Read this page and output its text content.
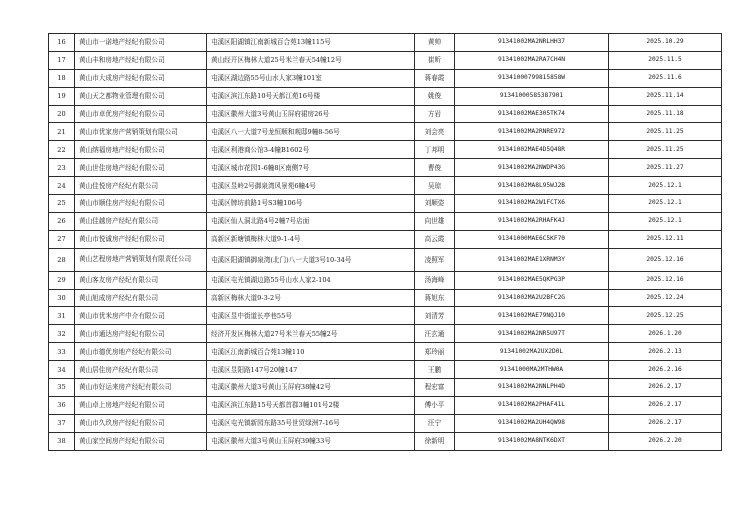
16	黄山市一诺地产经纪有限公司	屯溪区阳湖镇江南新城百合苑13幢115号	黄帅	91341002MA2NRLHH37	2025.10.29
17	黄山丰和房地产经纪有限公司	黄山经开区梅林大道25号米兰春天54幢12号	崔昕	91341002MA2RA7CH4N	2025.11.5
18	黄山市大成房产经纪有限公司	屯溪区湖边路55号山水人家3幢101室	蒋春霞	913410007998158​58W	2025.11.6
19	黄山天之都物业管理有限公司	屯溪区滨江东路10号天都江苑16号楼	姚俊	91341000585387901	2025.11.14
20	黄山市卓优房产经纪有限公司	屯溪区徽州大道3号黄山玉屏府裙房26号	方岩	91341002MAE305TK74	2025.11.18
21	黄山市优家房产营销策划有限公司	屯溪区八一大道7号龙恒顺和观邸9幢8-56号	刘会亮	91341002MA2RNRE972	2025.11.25
22	黄山纳福房地产经纪有限公司	屯溪区利港商公馆3-4幢B1602号	丁邦明	91341002MAE4D5Q48R	2025.11.25
23	黄山世佳房地产经纪有限公司	屯溪区城市花园1-6幢8区南侧7号	曹俊	91341002MA2NWDP43G	2025.11.27
24	黄山佳悦房产经纪有限公司	屯溪区昱岭2号御泉湾风景苑6幢4号	吴琼	91341002MA8L95WJ2B	2025.12.1
25	黄山市顺佳房产经纪有限公司	屯溪区牌坊前路1号S3幢106号	刘顺姿	91341002MA2W1FCTX6	2025.12.1
26	黄山佳越房产经纪有限公司	屯溪区仙人洞北路4号2幢7号店面	向世雄	91341002MA2RHAFK4J	2025.12.1
27	黄山市悦诚房产经纪有限公司	高新区新塘镇梅林大道9-1-4号	高云霞	91341000MAE6C5KF70	2025.12.11
28	黄山艺程房地产营销策划有限责任公司	屯溪区阳湖镇御泉湾(北门)八一大道3号10-34号	凌照军	91341002MAE1XRNM3Y	2025.12.16
29	黄山客友房产经纪有限公司	屯溪区屯光镇湖边路55号山水人家2-104	汤海峰	91341002MAE5QKPG3P	2025.12.16
30	黄山旭成房产经纪有限公司	高新区梅林大道9-3-2号	蒋旭东	91341002MA2U2BFC2G	2025.12.24
31	黄山市优米房产中介有限公司	屯溪区昱中街道长亭巷55号	刘清芳	91341002MAE79NQJ10	2025.12.25
32	黄山市通达房产经纪有限公司	经济开发区梅林大道27号米兰春天55幢2号	汪玄通	91341002MA2NR5U97T	2026.1.20
33	黄山市德优房地产经纪有限公司	屯溪区江南新城百合苑13幢110	郑玲丽	91341002MA2UX2D0L	2026.2.13
34	黄山居佳房产经纪有限公司	屯溪区昱阳路147号20幢147	王鹏	91341000MA2MTHW0A	2026.2.16
35	黄山市好运来房产经纪有限公司	屯溪区徽州大道3号黄山玉屏府38幢42号	程宏富	91341002MA2NNLPH4D	2026.2.17
36	黄山卓上房地产经纪有限公司	屯溪区滨江东路15号天都首郡3幢101号2楼	傅小平	91341002MA2PHAF41L	2026.2.17
37	黄山市久玖房产经纪有限公司	屯溪区屯光镇新园东路35号世贸绿洲7-16号	汪宁	91341002MA2UH4QW98	2026.2.17
38	黄山家空间房产经纪有限公司	屯溪区徽州大道3号黄山玉屏府39幢33号	徐新明	91341002MA8NTK6DXT	2026.2.20
